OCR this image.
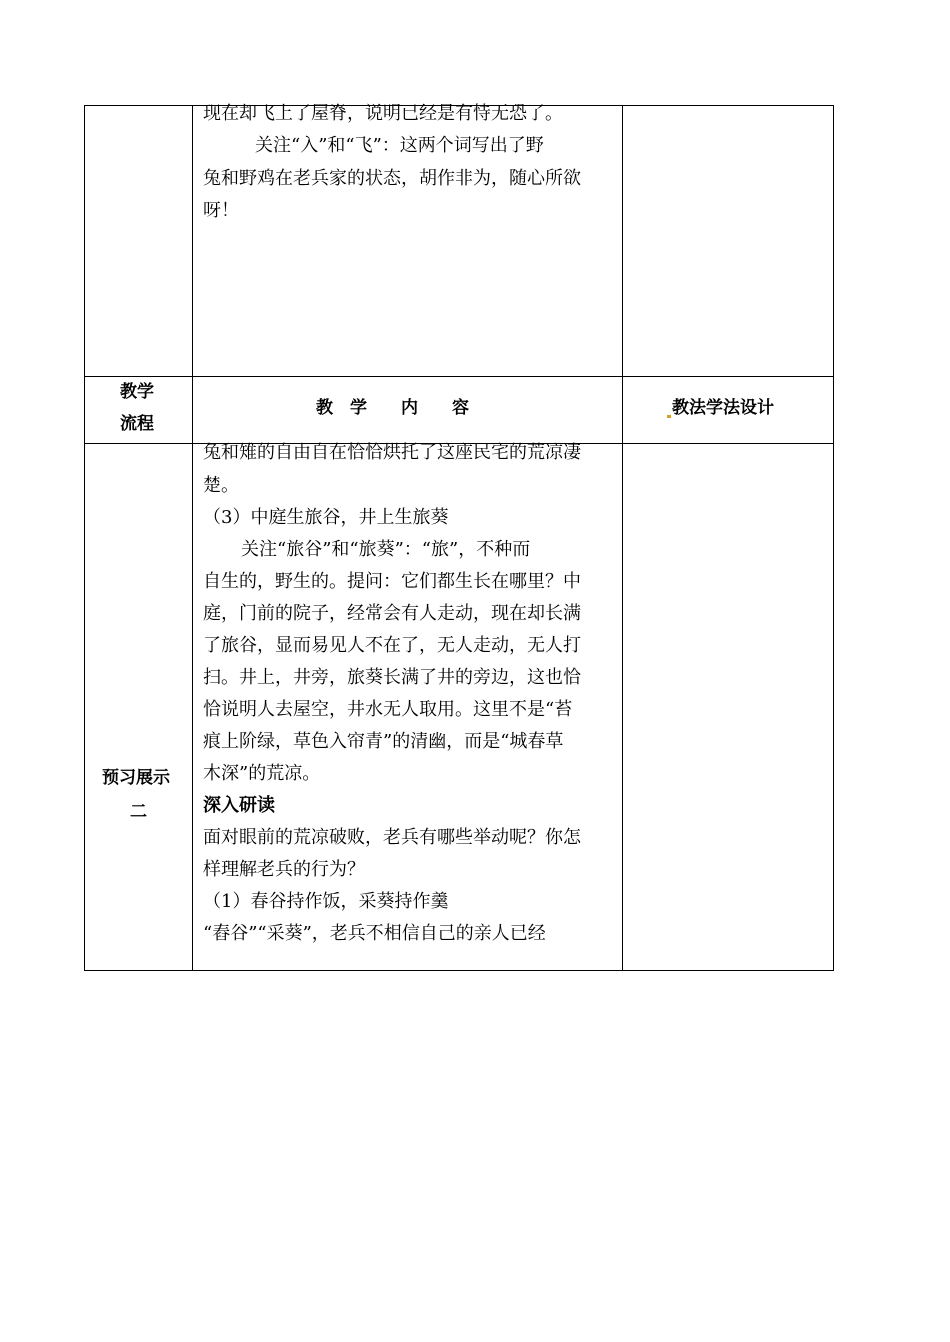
现在却飞上了屋脊，说明已经是有恃无恐了。
关注“入”和“飞”：这两个词写出了野
兔和野鸡在老兵家的状态，胡作非为，随心所欲
呀！
教学
流程
教　学　　内　　容	教法学法设计
预习展示
二
兔和雉的自由自在恰恰烘托了这座民宅的荒凉凄
楚。
（3）中庭生旅谷，井上生旅葵
关注“旅谷”和“旅葵”：“旅”，不种而
自生的，野生的。提问：它们都生长在哪里？中
庭，门前的院子，经常会有人走动，现在却长满
了旅谷，显而易见人不在了，无人走动，无人打
扫。井上，井旁，旅葵长满了井的旁边，这也恰
恰说明人去屋空，井水无人取用。这里不是“苔
痕上阶绿，草色入帘青”的清幽，而是“城春草
木深”的荒凉。
深入研读
面对眼前的荒凉破败，老兵有哪些举动呢？你怎
样理解老兵的行为？
（1）春谷持作饭，采葵持作羹
“舂谷”“采葵”，老兵不相信自己的亲人已经
